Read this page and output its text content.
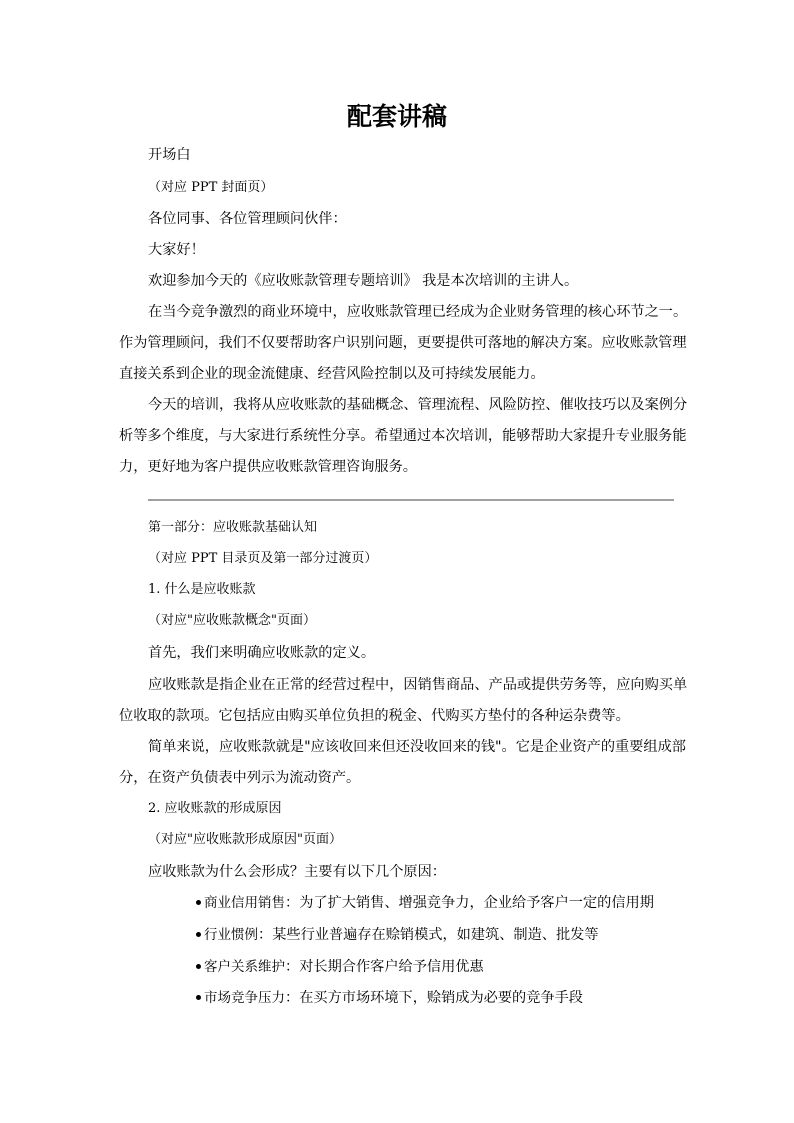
配套讲稿
开场白
（对应 PPT 封面页）
各位同事、各位管理顾问伙伴：
大家好！
欢迎参加今天的《应收账款管理专题培训》 我是本次培训的主讲人。
在当今竞争激烈的商业环境中，应收账款管理已经成为企业财务管理的核心环节之一。
作为管理顾问，我们不仅要帮助客户识别问题，更要提供可落地的解决方案。应收账款管理
直接关系到企业的现金流健康、经营风险控制以及可持续发展能力。
今天的培训，我将从应收账款的基础概念、管理流程、风险防控、催收技巧以及案例分
析等多个维度，与大家进行系统性分享。希望通过本次培训，能够帮助大家提升专业服务能
力，更好地为客户提供应收账款管理咨询服务。
第一部分：应收账款基础认知
（对应 PPT 目录页及第一部分过渡页）
1. 什么是应收账款
（对应"应收账款概念"页面）
首先，我们来明确应收账款的定义。
应收账款是指企业在正常的经营过程中，因销售商品、产品或提供劳务等，应向购买单
位收取的款项。它包括应由购买单位负担的税金、代购买方垫付的各种运杂费等。
简单来说，应收账款就是"应该收回来但还没收回来的钱"。它是企业资产的重要组成部
分，在资产负债表中列示为流动资产。
2. 应收账款的形成原因
（对应"应收账款形成原因"页面）
应收账款为什么会形成？主要有以下几个原因：
商业信用销售：为了扩大销售、增强竞争力，企业给予客户一定的信用期
行业惯例：某些行业普遍存在赊销模式，如建筑、制造、批发等
客户关系维护：对长期合作客户给予信用优惠
市场竞争压力：在买方市场环境下，赊销成为必要的竞争手段
